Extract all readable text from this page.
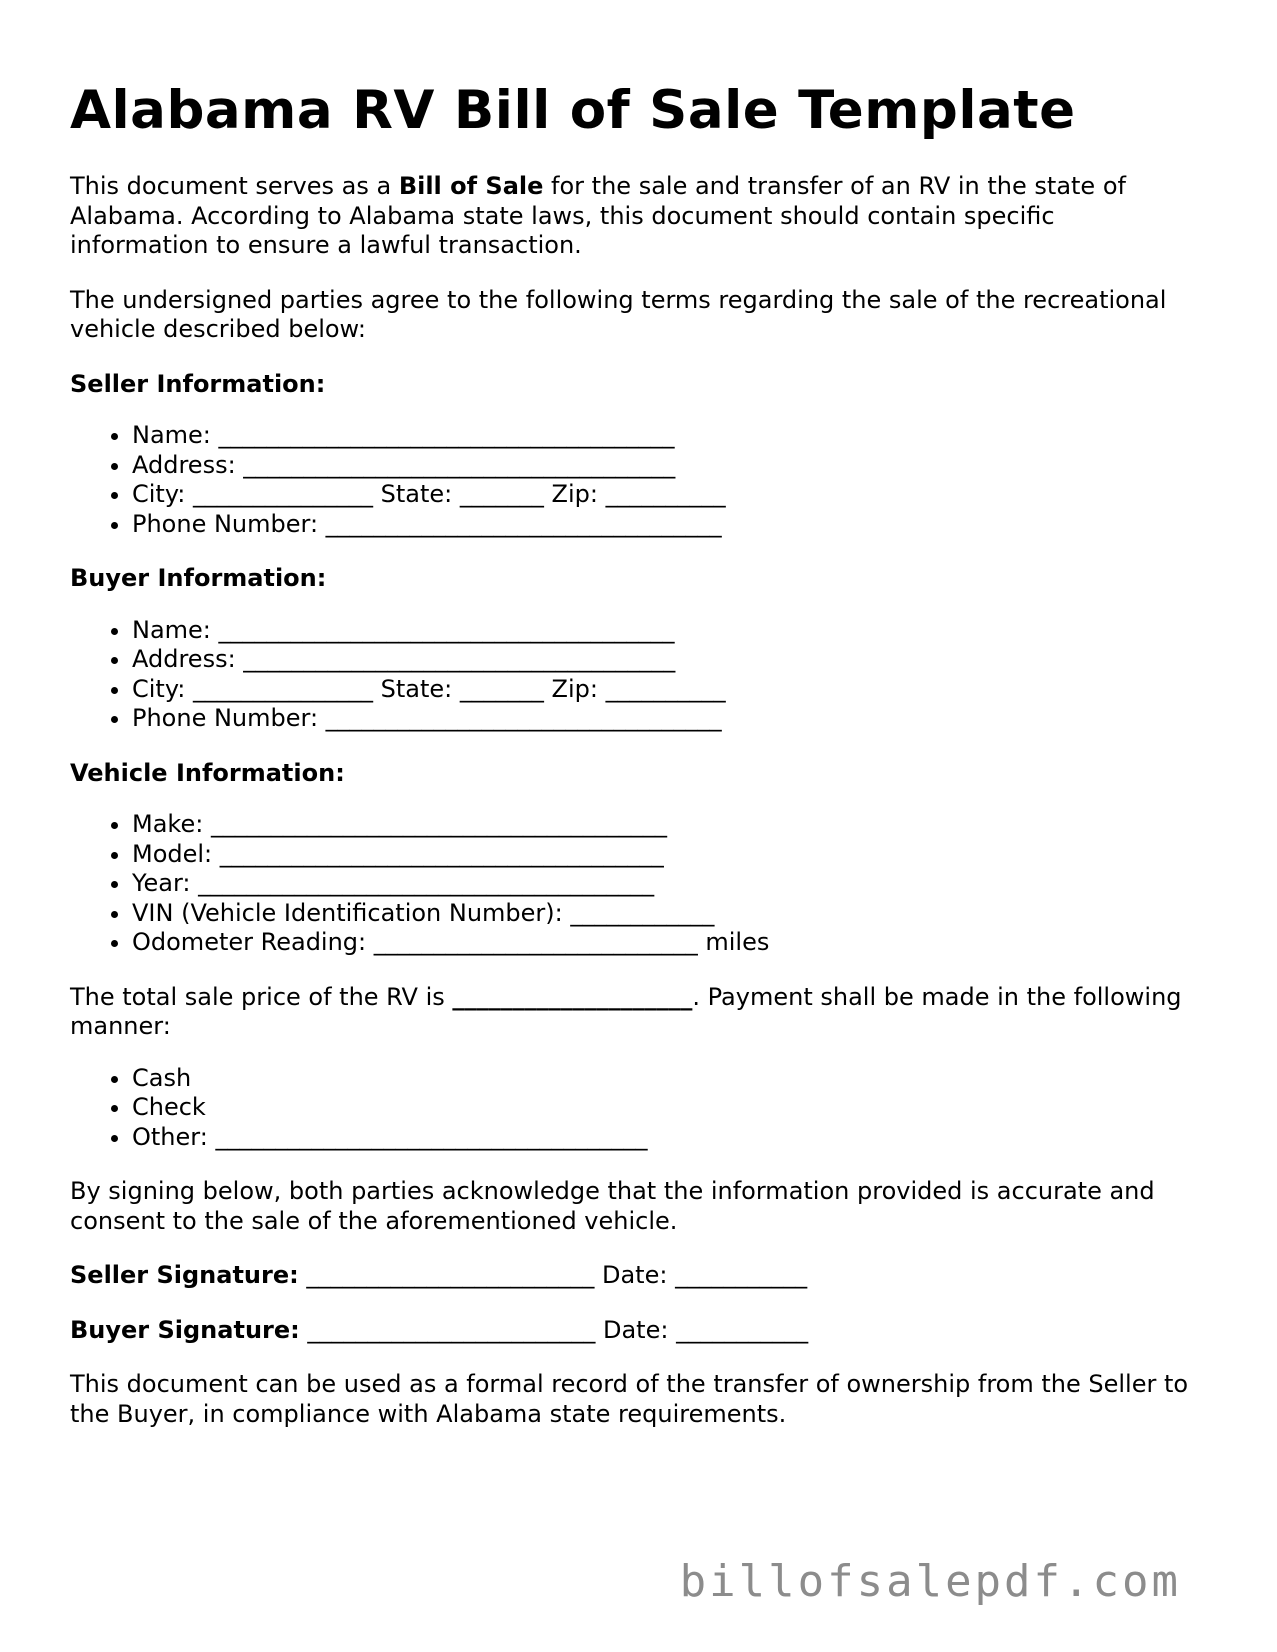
Alabama RV Bill of Sale Template

This document serves as a Bill of Sale for the sale and transfer of an RV in the state of Alabama. According to Alabama state laws, this document should contain specific information to ensure a lawful transaction.

The undersigned parties agree to the following terms regarding the sale of the recreational vehicle described below:

Seller Information:

• Name: ______________________________________
• Address: ____________________________________
• City: _______________ State: _______ Zip: __________
• Phone Number: _________________________________

Buyer Information:

• Name: ______________________________________
• Address: ____________________________________
• City: _______________ State: _______ Zip: __________
• Phone Number: _________________________________

Vehicle Information:

• Make: ______________________________________
• Model: _____________________________________
• Year: ______________________________________
• VIN (Vehicle Identification Number): ____________
• Odometer Reading: ___________________________ miles

The total sale price of the RV is ____________________. Payment shall be made in the following manner:

• Cash
• Check
• Other: ____________________________________

By signing below, both parties acknowledge that the information provided is accurate and consent to the sale of the aforementioned vehicle.

Seller Signature: ________________________ Date: ___________

Buyer Signature: ________________________ Date: ___________

This document can be used as a formal record of the transfer of ownership from the Seller to the Buyer, in compliance with Alabama state requirements.

billofsalepdf.com
